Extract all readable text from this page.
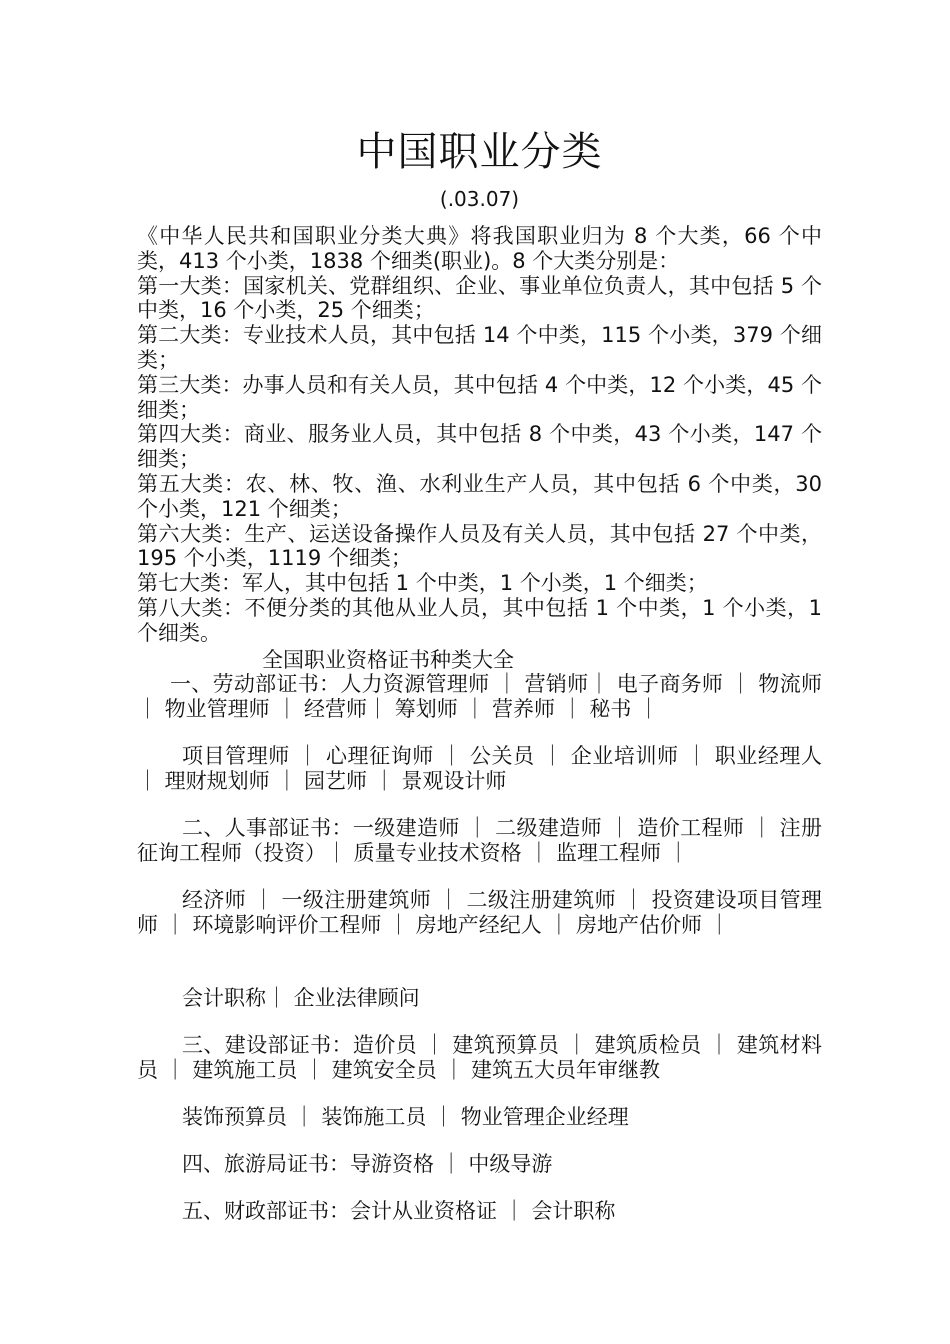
中国职业分类
(.03.07)

《中华人民共和国职业分类大典》将我国职业归为 8 个大类，66 个中类，413 个小类，1838 个细类(职业)。8 个大类分别是：

第一大类：国家机关、党群组织、企业、事业单位负责人，其中包括 5 个中类，16 个小类，25 个细类；

第二大类：专业技术人员，其中包括 14 个中类，115 个小类，379 个细类；

第三大类：办事人员和有关人员，其中包括 4 个中类，12 个小类，45 个细类；

第四大类：商业、服务业人员，其中包括 8 个中类，43 个小类，147 个细类；

第五大类：农、林、牧、渔、水利业生产人员，其中包括 6 个中类，30 个小类，121 个细类；

第六大类：生产、运送设备操作人员及有关人员，其中包括 27 个中类，195 个小类，1119 个细类；

第七大类：军人，其中包括 1 个中类，1 个小类，1 个细类；

第八大类：不便分类的其他从业人员，其中包括 1 个中类，1 个小类，1 个细类。

全国职业资格证书种类大全

一、劳动部证书：人力资源管理师 ｜ 营销师｜ 电子商务师 ｜ 物流师｜ 物业管理师 ｜ 经营师｜ 筹划师 ｜ 营养师 ｜ 秘书 ｜

项目管理师 ｜ 心理征询师 ｜ 公关员 ｜ 企业培训师 ｜ 职业经理人 ｜ 理财规划师 ｜ 园艺师 ｜ 景观设计师

二、人事部证书：一级建造师 ｜ 二级建造师 ｜ 造价工程师 ｜ 注册征询工程师（投资）｜ 质量专业技术资格 ｜ 监理工程师 ｜

经济师 ｜ 一级注册建筑师 ｜ 二级注册建筑师 ｜ 投资建设项目管理师 ｜ 环境影响评价工程师 ｜ 房地产经纪人 ｜ 房地产估价师 ｜

会计职称｜ 企业法律顾问

三、建设部证书：造价员 ｜ 建筑预算员 ｜ 建筑质检员 ｜ 建筑材料员 ｜ 建筑施工员 ｜ 建筑安全员 ｜ 建筑五大员年审继教

装饰预算员 ｜ 装饰施工员 ｜ 物业管理企业经理

四、旅游局证书：导游资格 ｜ 中级导游

五、财政部证书：会计从业资格证 ｜ 会计职称
